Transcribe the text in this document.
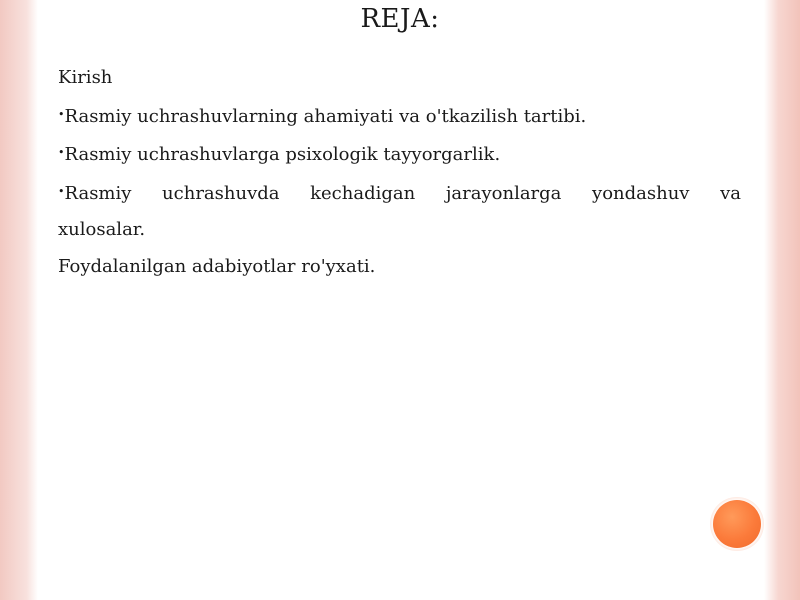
REJA:

Kirish

•Rasmiy uchrashuvlarning ahamiyati va o'tkazilish tartibi.

•Rasmiy uchrashuvlarga psixologik tayyorgarlik.

•Rasmiy uchrashuvda kechadigan jarayonlarga yondashuv va

xulosalar.

Foydalanilgan adabiyotlar ro'yxati.
